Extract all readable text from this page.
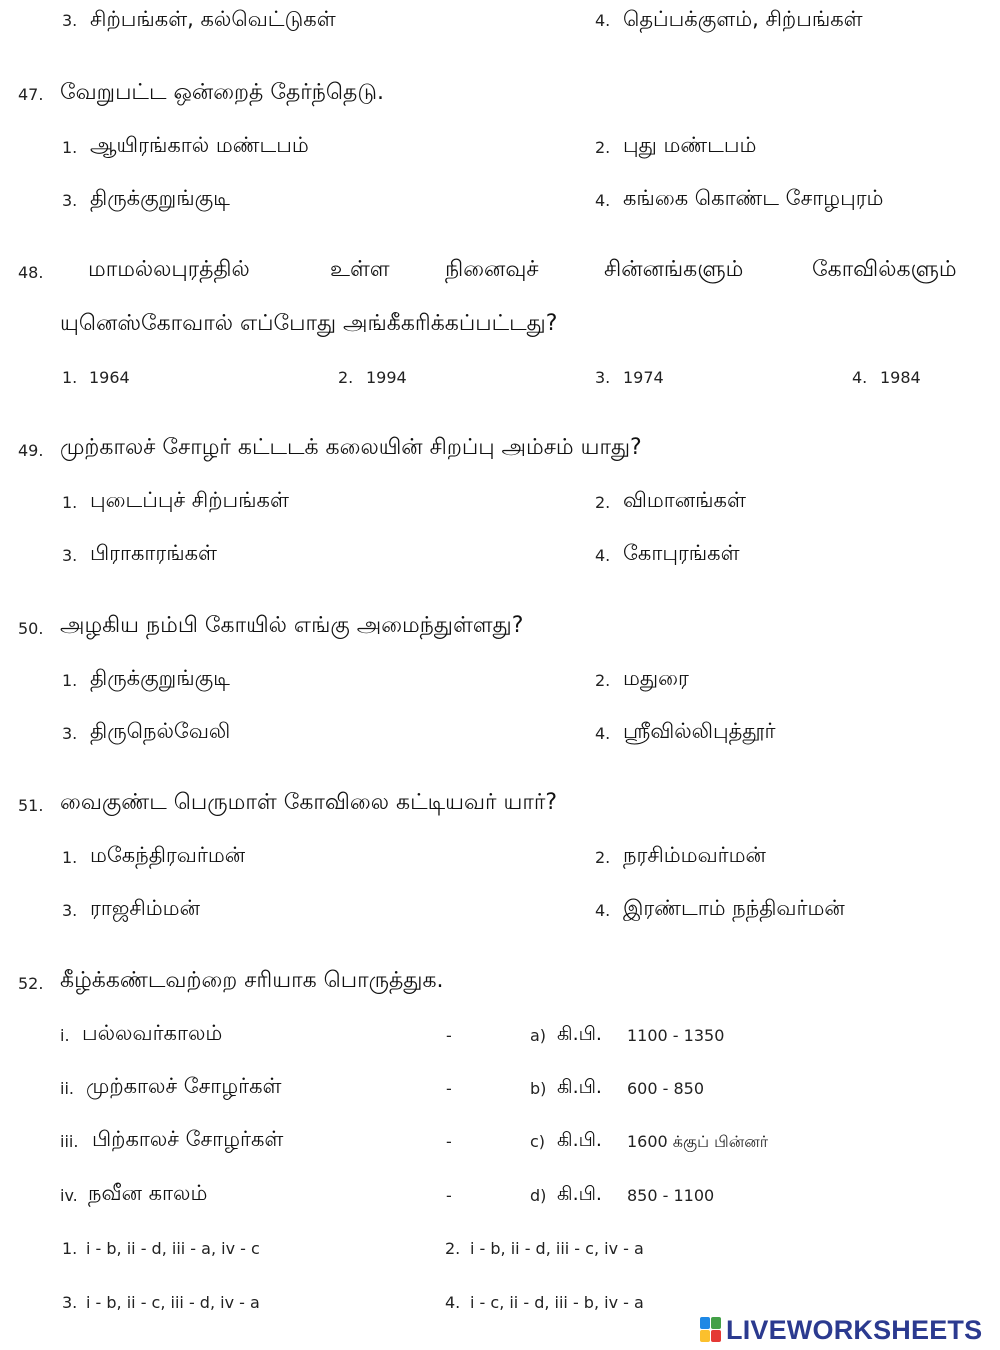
3. சிற்பங்கள், கல்வெட்டுகள்	4. தெப்பக்குளம், சிற்பங்கள்
47. வேறுபட்ட ஒன்றைத் தேர்ந்தெடு.
1. ஆயிரங்கால் மண்டபம்	2. புது மண்டபம்
3. திருக்குறுங்குடி	4. கங்கை கொண்ட சோழபுரம்
48. மாமல்லபுரத்தில்	உள்ள	நினைவுச்	சின்னங்களும்	கோவில்களும்
யுனெஸ்கோவால் எப்போது அங்கீகரிக்கப்பட்டது?
1. 1964	2. 1994	3. 1974	4. 1984
49. முற்காலச் சோழர் கட்டடக் கலையின் சிறப்பு அம்சம் யாது?
1. புடைப்புச் சிற்பங்கள்	2. விமானங்கள்
3. பிராகாரங்கள்	4. கோபுரங்கள்
50. அழகிய நம்பி கோயில் எங்கு அமைந்துள்ளது?
1. திருக்குறுங்குடி	2. மதுரை
3. திருநெல்வேலி	4. ஸ்ரீவில்லிபுத்தூர்
51. வைகுண்ட பெருமாள் கோவிலை கட்டியவர் யார்?
1. மகேந்திரவர்மன்	2. நரசிம்மவர்மன்
3. ராஜசிம்மன்	4. இரண்டாம் நந்திவர்மன்
52. கீழ்க்கண்டவற்றை சரியாக பொருத்துக.
i. பல்லவர்காலம்	-	a) கி.பி. 1100 - 1350
ii. முற்காலச் சோழர்கள்	-	b) கி.பி. 600 - 850
iii. பிற்காலச் சோழர்கள்	-	c) கி.பி. 1600 க்குப் பின்னர்
iv. நவீன காலம்	-	d) கி.பி. 850 - 1100
1. i - b, ii - d, iii - a, iv - c	2. i - b, ii - d, iii - c, iv - a
3. i - b, ii - c, iii - d, iv - a	4. i - c, ii - d, iii - b, iv - a
LIVEWORKSHEETS
